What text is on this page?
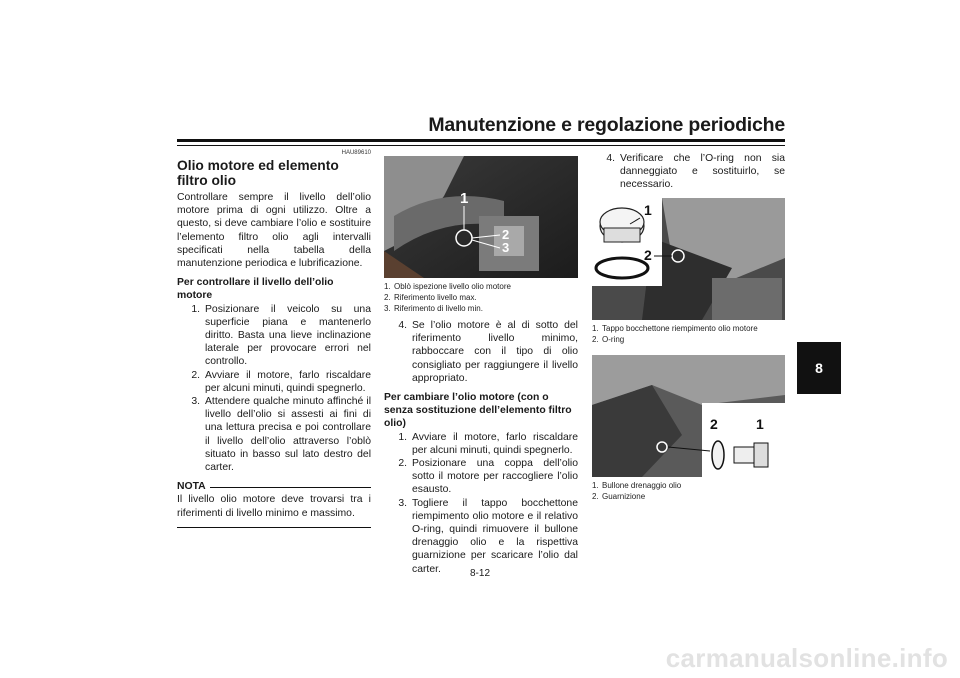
Manutenzione e regolazione periodiche
8

HAU89610

Olio motore ed elemento filtro olio

Controllare sempre il livello dell’olio motore prima di ogni utilizzo. Oltre a questo, si deve cambiare l’olio e sostituire l’elemento filtro olio agli intervalli specificati nella tabella della manutenzione periodica e lubrificazione.

Per controllare il livello dell’olio motore

1. Posizionare il veicolo su una superficie piana e mantenerlo diritto. Basta una lieve inclinazione laterale per provocare errori nel controllo.
2. Avviare il motore, farlo riscaldare per alcuni minuti, quindi spegnerlo.
3. Attendere qualche minuto affinché il livello dell’olio si assesti ai fini di una lettura precisa e poi controllare il livello dell’olio attraverso l’oblò situato in basso sul lato destro del carter.
NOTA

Il livello olio motore deve trovarsi tra i riferimenti di livello minimo e massimo.

1
2
3

1. Oblò ispezione livello olio motore

2. Riferimento livello max.

3. Riferimento di livello min.

4. Se l’olio motore è al di sotto del riferimento livello minimo, rabboccare con il tipo di olio consigliato per raggiungere il livello appropriato.

Per cambiare l’olio motore (con o senza sostituzione dell’elemento filtro olio)

1. Avviare il motore, farlo riscaldare per alcuni minuti, quindi spegnerlo.
2. Posizionare una coppa dell’olio sotto il motore per raccogliere l’olio esausto.
3. Togliere il tappo bocchettone riempimento olio motore e il relativo O-ring, quindi rimuovere il bullone drenaggio olio e la rispettiva guarnizione per scaricare l’olio dal carter.
4. Verificare che l’O-ring non sia danneggiato e sostituirlo, se necessario.
1
2

1. Tappo bocchettone riempimento olio motore

2. O-ring

2	1

1. Bullone drenaggio olio

2. Guarnizione

8-12
carmanualsonline.info
